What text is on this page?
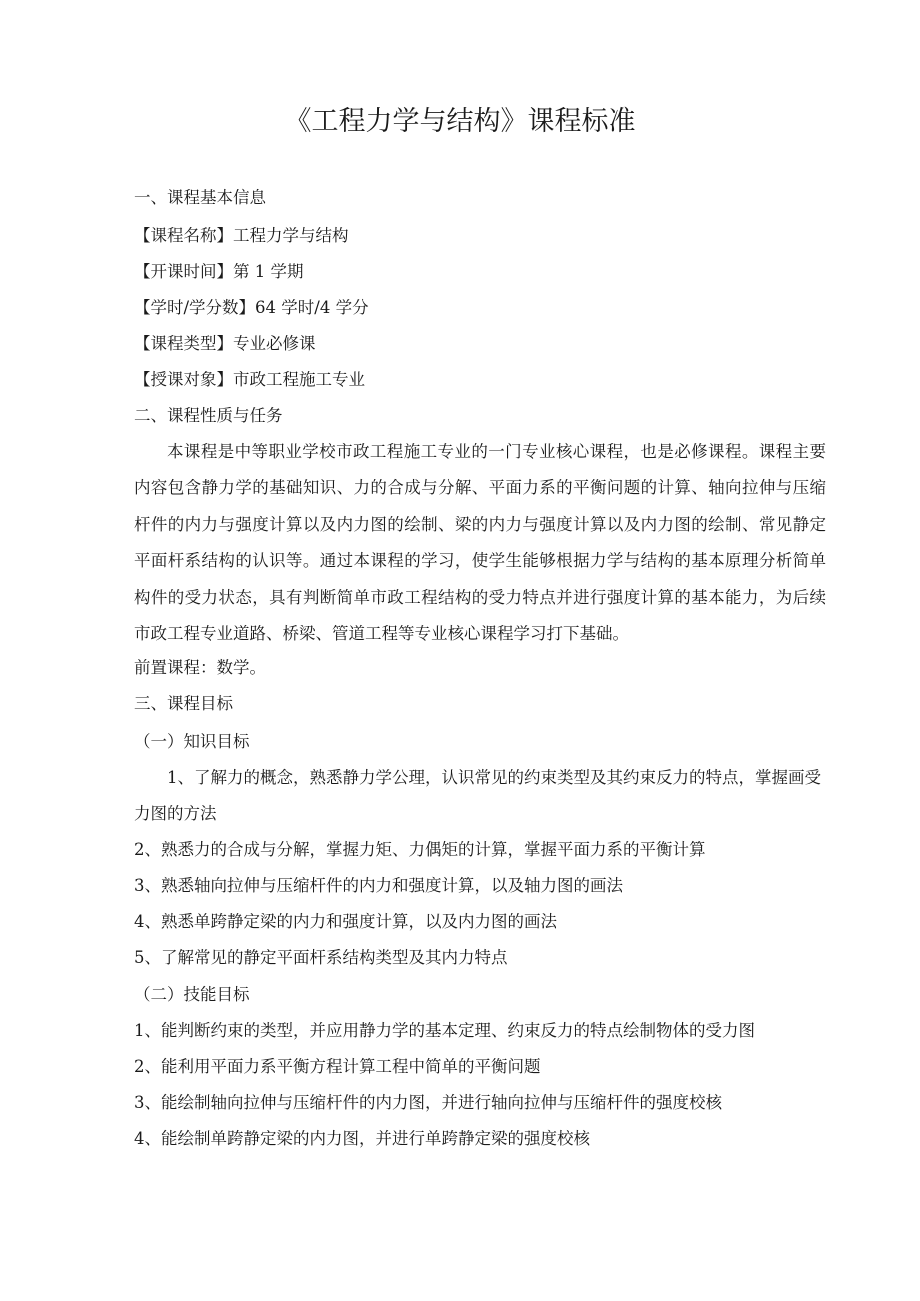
《工程力学与结构》课程标准

一、课程基本信息

【课程名称】工程力学与结构

【开课时间】第 1 学期

【学时/学分数】64 学时/4 学分

【课程类型】专业必修课

【授课对象】市政工程施工专业

二、课程性质与任务

本课程是中等职业学校市政工程施工专业的一门专业核心课程，也是必修课程。课程主要内容包含静力学的基础知识、力的合成与分解、平面力系的平衡问题的计算、轴向拉伸与压缩杆件的内力与强度计算以及内力图的绘制、梁的内力与强度计算以及内力图的绘制、常见静定平面杆系结构的认识等。通过本课程的学习，使学生能够根据力学与结构的基本原理分析简单构件的受力状态，具有判断简单市政工程结构的受力特点并进行强度计算的基本能力，为后续市政工程专业道路、桥梁、管道工程等专业核心课程学习打下基础。

前置课程：数学。

三、课程目标

（一）知识目标

1、了解力的概念，熟悉静力学公理，认识常见的约束类型及其约束反力的特点，掌握画受力图的方法

2、熟悉力的合成与分解，掌握力矩、力偶矩的计算，掌握平面力系的平衡计算

3、熟悉轴向拉伸与压缩杆件的内力和强度计算，以及轴力图的画法

4、熟悉单跨静定梁的内力和强度计算，以及内力图的画法

5、了解常见的静定平面杆系结构类型及其内力特点

（二）技能目标

1、能判断约束的类型，并应用静力学的基本定理、约束反力的特点绘制物体的受力图

2、能利用平面力系平衡方程计算工程中简单的平衡问题

3、能绘制轴向拉伸与压缩杆件的内力图，并进行轴向拉伸与压缩杆件的强度校核

4、能绘制单跨静定梁的内力图，并进行单跨静定梁的强度校核
